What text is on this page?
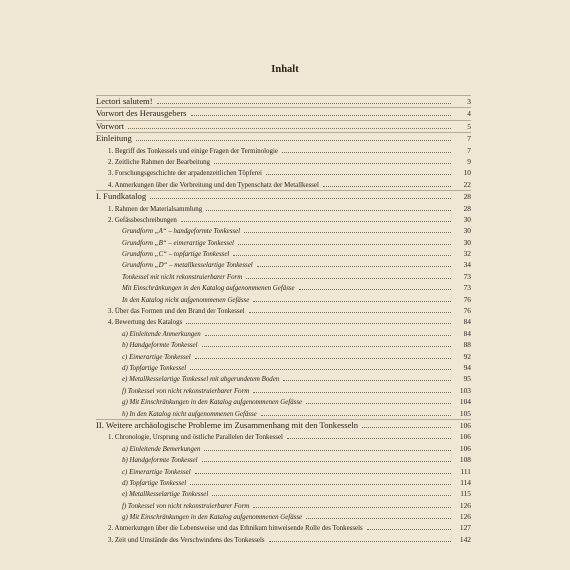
Inhalt
Lectori salutem!	3
Vorwort des Herausgebers	4
Vorwort	5
Einleitung	7
1. Begriff des Tonkessels und einige Fragen der Terminologie	7
2. Zeitliche Rahmen der Bearbeitung	9
3. Forschungsgeschichte der arpadenzeitlichen Töpferei	10
4. Anmerkungen über die Verbreitung und den Typenschatz der Metallkessel	22
I. Fundkatalog	28
1. Rahmen der Materialsammlung	28
2. Gefässbeschreibungen	30
Grundform „A“ – handgeformte Tonkessel	30
Grundform „B“ – eimerartige Tonkessel	30
Grundform „C“ – topfartige Tonkessel	32
Grundform „D“ – metallkesselartige Tonkessel	34
Tonkessel mit nicht rekonstruierbarer Form	73
Mit Einschränkungen in den Katalog aufgenommenen Gefässe	73
In den Katalog nicht aufgenommenen Gefässe	76
3. Über das Formen und den Brand der Tonkessel	76
4. Bewertung des Katalogs	84
a) Einleitende Anmerkungen	84
b) Handgeformte Tonkessel	88
c) Eimerartige Tonkessel	92
d) Topfartige Tonkessel	94
e) Metallkesselartige Tonkessel mit abgerundetem Boden	95
f) Tonkessel von nicht rekonstruierbarer Form	103
g) Mit Einschränkungen in den Katalog aufgenommenen Gefässe	104
h) In den Katalog nicht aufgenommenen Gefässe	105
II. Weitere archäologische Probleme im Zusammenhang mit den Tonkesseln	106
1. Chronologie, Ursprung und östliche Parallelen der Tonkessel	106
a) Einleitende Bemerkungen	106
b) Handgeformte Tonkessel	108
c) Eimerartige Tonkessel	111
d) Topfartige Tonkessel	114
e) Metallkesselartige Tonkessel	115
f) Tonkessel von nicht rekonstruierbarer Form	126
g) Mit Einschränkungen in den Katalog aufgenommenen Gefässe	126
2. Anmerkungen über die Lebensweise und das Ethnikum hinweisende Rolle des Tonkessels	127
3. Zeit und Umstände des Verschwindens des Tonkessels	142
